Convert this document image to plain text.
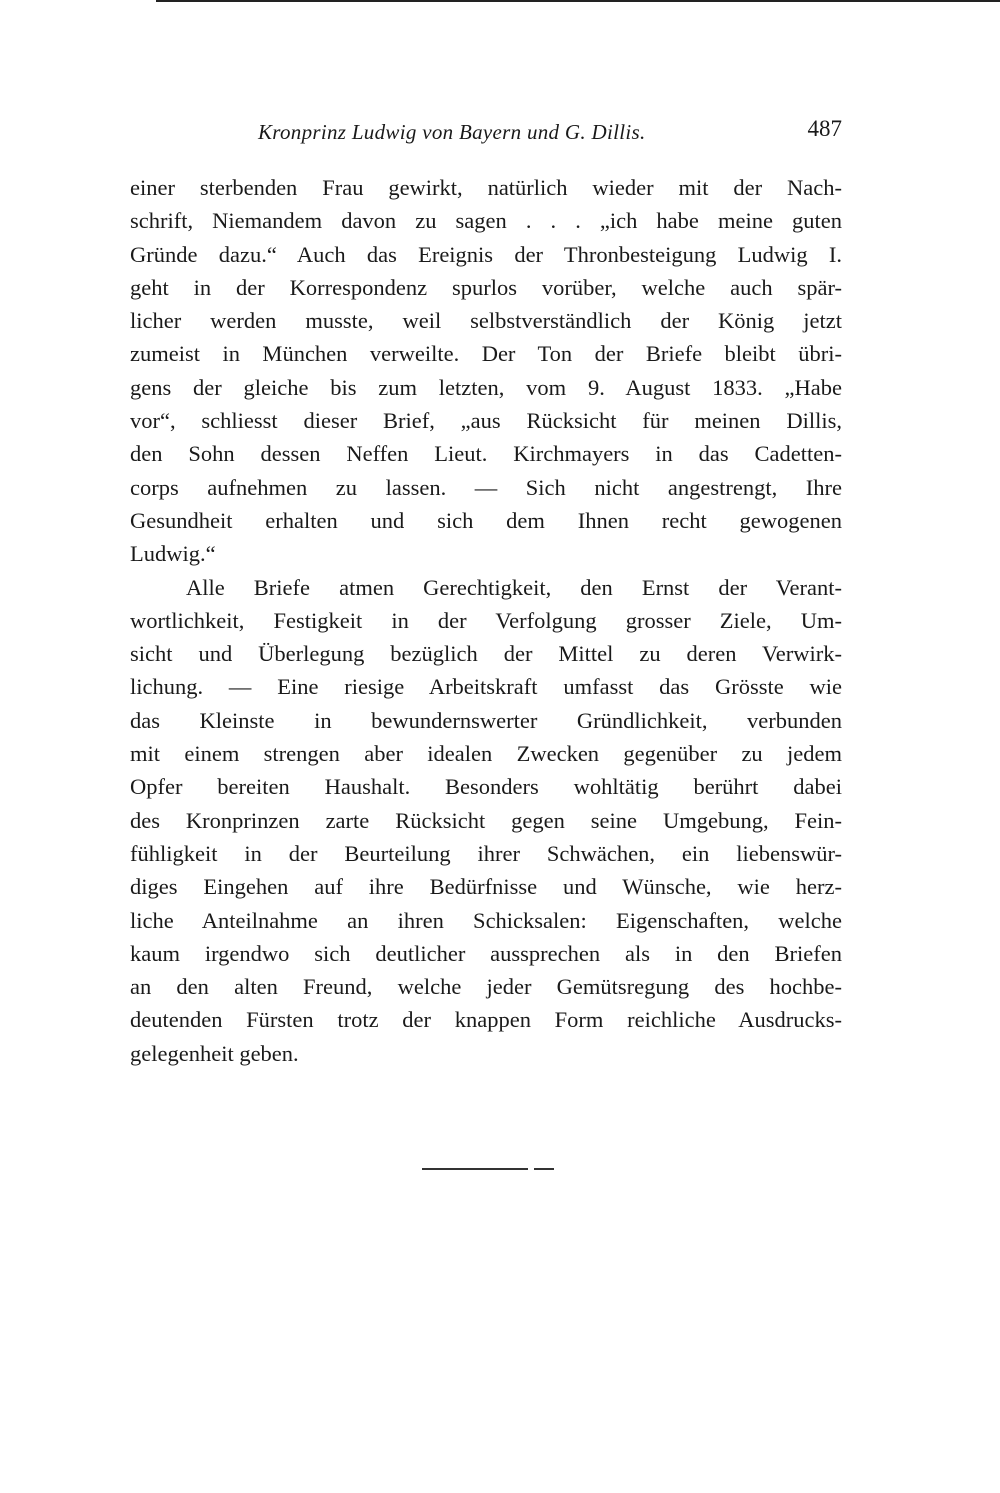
Kronprinz Ludwig von Bayern und G. Dillis.	487
einer sterbenden Frau gewirkt, natürlich wieder mit der Nach-
schrift, Niemandem davon zu sagen . . . „ich habe meine guten
Gründe dazu.“ Auch das Ereignis der Thronbesteigung Ludwig I.
geht in der Korrespondenz spurlos vorüber, welche auch spär-
licher werden musste, weil selbstverständlich der König jetzt
zumeist in München verweilte. Der Ton der Briefe bleibt übri-
gens der gleiche bis zum letzten, vom 9. August 1833. „Habe
vor“, schliesst dieser Brief, „aus Rücksicht für meinen Dillis,
den Sohn dessen Neffen Lieut. Kirchmayers in das Cadetten-
corps aufnehmen zu lassen. — Sich nicht angestrengt, Ihre
Gesundheit erhalten und sich dem Ihnen recht gewogenen
Ludwig.“
Alle Briefe atmen Gerechtigkeit, den Ernst der Verant-
wortlichkeit, Festigkeit in der Verfolgung grosser Ziele, Um-
sicht und Überlegung bezüglich der Mittel zu deren Verwirk-
lichung. — Eine riesige Arbeitskraft umfasst das Grösste wie
das Kleinste in bewundernswerter Gründlichkeit, verbunden
mit einem strengen aber idealen Zwecken gegenüber zu jedem
Opfer bereiten Haushalt. Besonders wohltätig berührt dabei
des Kronprinzen zarte Rücksicht gegen seine Umgebung, Fein-
fühligkeit in der Beurteilung ihrer Schwächen, ein liebenswür-
diges Eingehen auf ihre Bedürfnisse und Wünsche, wie herz-
liche Anteilnahme an ihren Schicksalen: Eigenschaften, welche
kaum irgendwo sich deutlicher aussprechen als in den Briefen
an den alten Freund, welche jeder Gemütsregung des hochbe-
deutenden Fürsten trotz der knappen Form reichliche Ausdrucks-
gelegenheit geben.
